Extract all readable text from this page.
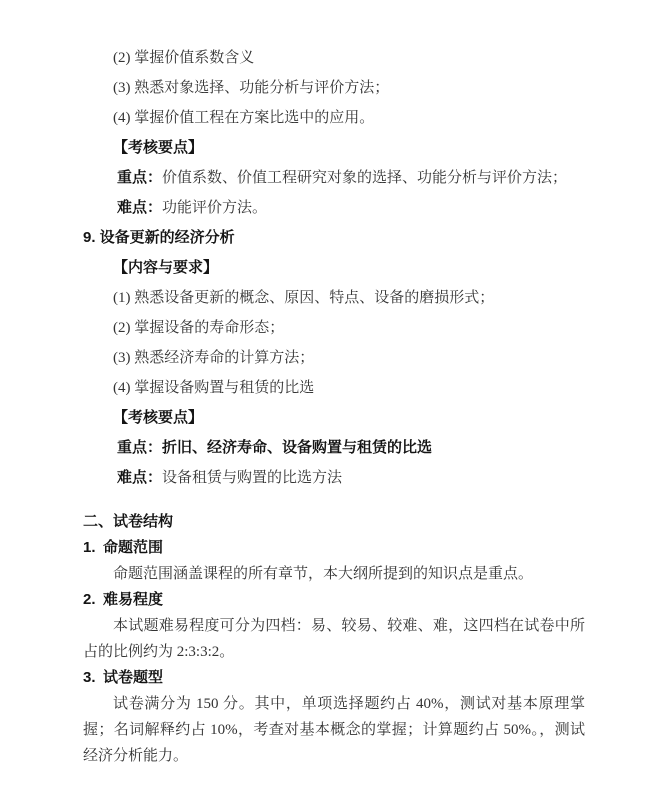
(2) 掌握价值系数含义
(3) 熟悉对象选择、功能分析与评价方法；
(4) 掌握价值工程在方案比选中的应用。
【考核要点】
重点：价值系数、价值工程研究对象的选择、功能分析与评价方法；
难点：功能评价方法。
9. 设备更新的经济分析
【内容与要求】
(1) 熟悉设备更新的概念、原因、特点、设备的磨损形式；
(2) 掌握设备的寿命形态；
(3) 熟悉经济寿命的计算方法；
(4) 掌握设备购置与租赁的比选
【考核要点】
重点：折旧、经济寿命、设备购置与租赁的比选
难点：设备租赁与购置的比选方法
二、试卷结构
1. 命题范围

命题范围涵盖课程的所有章节，本大纲所提到的知识点是重点。

2. 难易程度

本试题难易程度可分为四档：易、较易、较难、难，这四档在试卷中所占的比例约为 2:3:3:2。

3. 试卷题型

试卷满分为 150 分。其中，单项选择题约占 40%，测试对基本原理掌握；名词解释约占 10%，考查对基本概念的掌握；计算题约占 50%。，测试经济分析能力。
